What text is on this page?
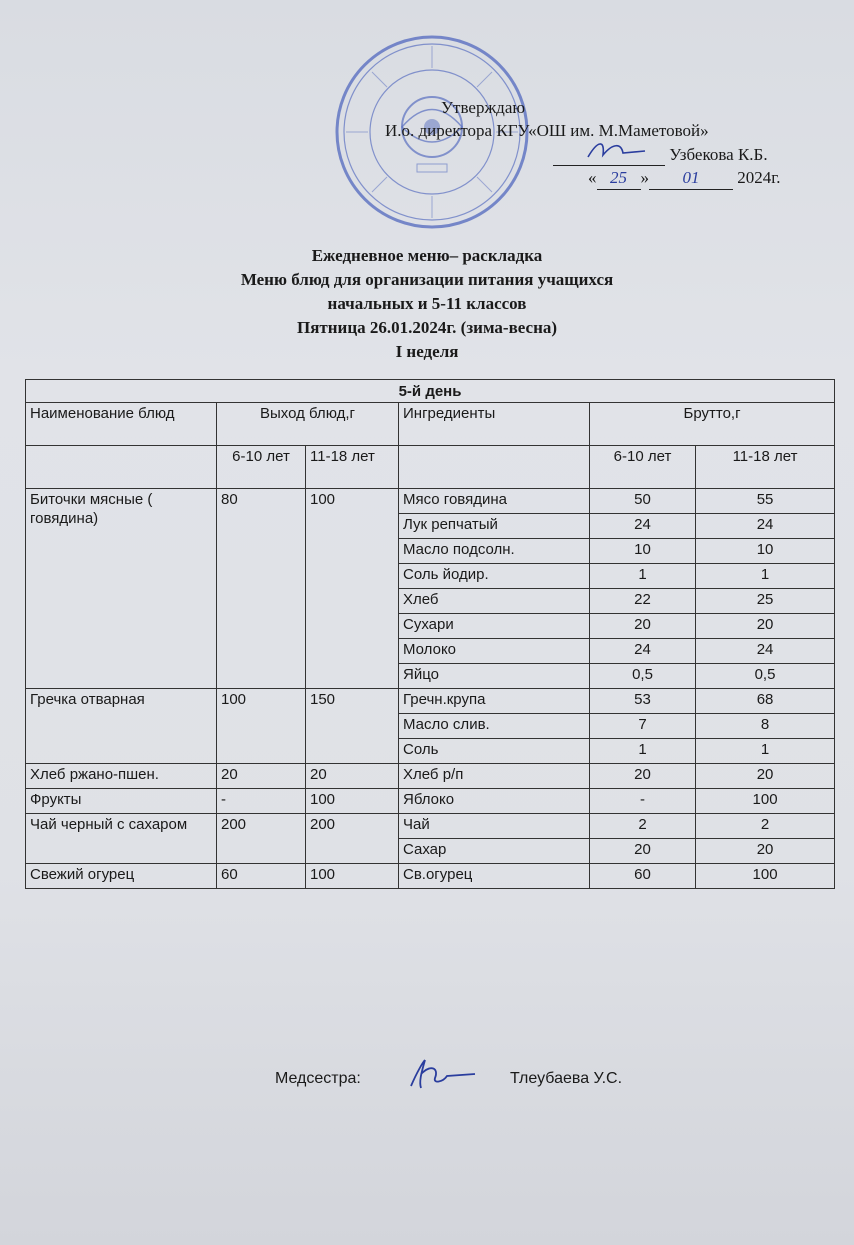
Утверждаю
И.о. директора КГУ«ОШ им. М.Маметовой»
Узбекова К.Б.
« 25 » 01 2024г.
Ежедневное меню– раскладка
Меню блюд для организации питания учащихся
начальных и 5-11 классов
Пятница 26.01.2024г. (зима-весна)
I неделя
5-й день					
Наименование блюд	Выход блюд,г		Ингредиенты	Брутто,г	
	6-10 лет	11-18 лет		6-10 лет	11-18 лет
Биточки мясные ( говядина)	80	100	Мясо говядина	50	55
			Лук репчатый	24	24
			Масло подсолн.	10	10
			Соль йодир.	1	1
			Хлеб	22	25
			Сухари	20	20
			Молоко	24	24
			Яйцо	0,5	0,5
Гречка отварная	100	150	Гречн.крупа	53	68
			Масло слив.	7	8
			Соль	1	1
Хлеб ржано-пшен.	20	20	Хлеб р/п	20	20
Фрукты	-	100	Яблоко	-	100
Чай черный с сахаром	200	200	Чай	2	2
			Сахар	20	20
Свежий огурец	60	100	Св.огурец	60	100
Медсестра:	Тлеубаева У.С.
